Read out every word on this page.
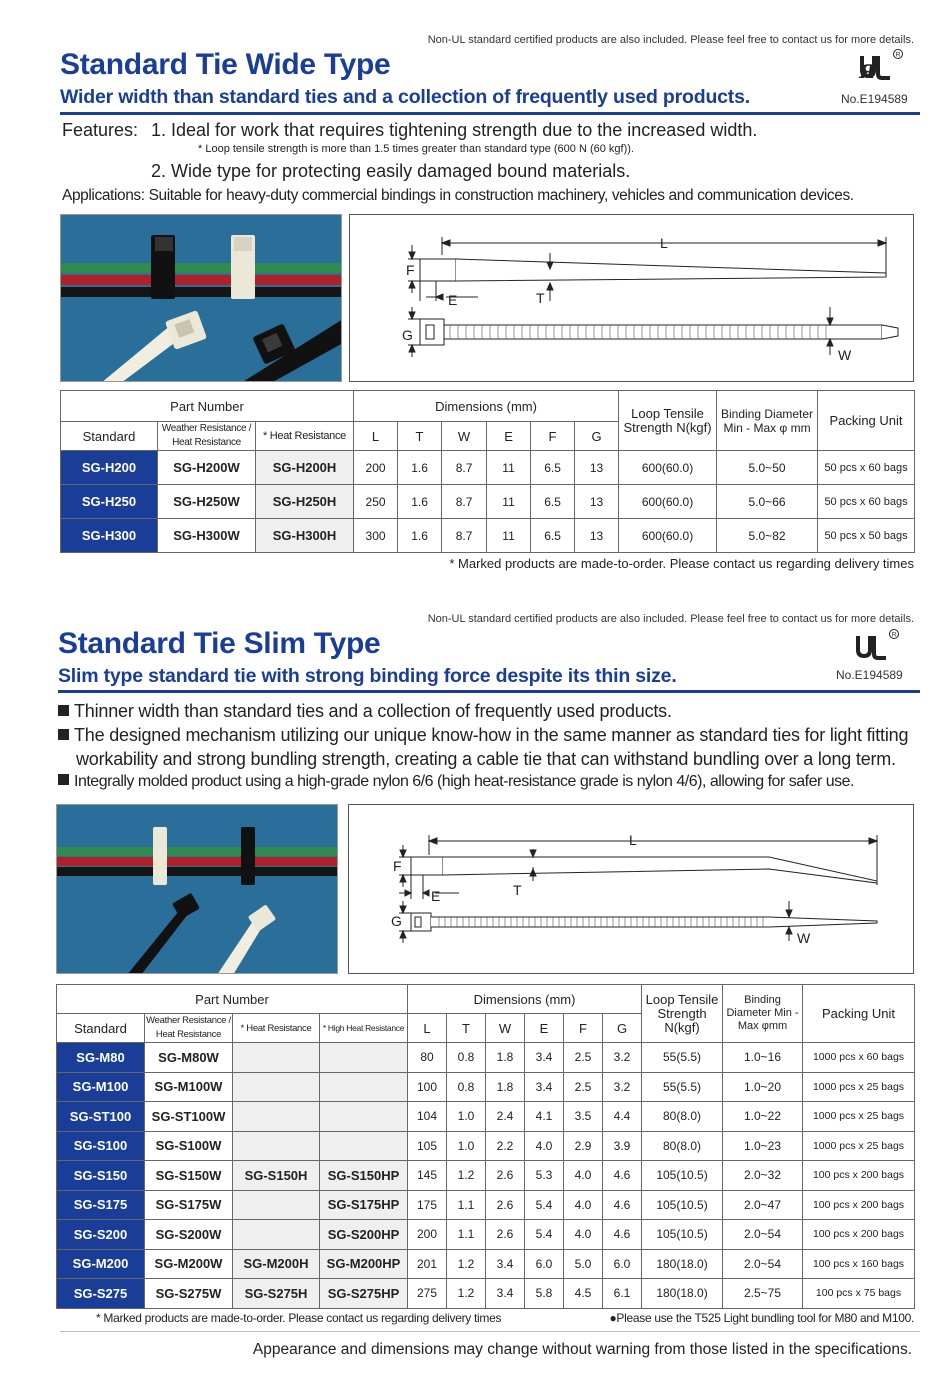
Non-UL standard certified products are also included. Please feel free to contact us for more details.
Standard Tie Wide Type
Wider width than standard ties and a collection of frequently used products.
ᴙ	R
No.E194589
Features: 1. Ideal for work that requires tightening strength due to the increased width.
* Loop tensile strength is more than 1.5 times greater than standard type (600 N (60 kgf)).
2. Wide type for protecting easily damaged bound materials.
Applications: Suitable for heavy-duty commercial bindings in construction machinery, vehicles and communication devices.
L
F
E	T
G
W
Part Number			Dimensions (mm)						Loop Tensile Strength N(kgf)	Binding Diameter Min - Max φ mm	Packing Unit
Standard	Weather Resistance / Heat Resistance	* Heat Resistance	L	T	W	E	F	G			
SG-H200	SG-H200W	SG-H200H	200	1.6	8.7	11	6.5	13	600(60.0)	5.0~50	50 pcs x 60 bags
SG-H250	SG-H250W	SG-H250H	250	1.6	8.7	11	6.5	13	600(60.0)	5.0~66	50 pcs x 60 bags
SG-H300	SG-H300W	SG-H300H	300	1.6	8.7	11	6.5	13	600(60.0)	5.0~82	50 pcs x 50 bags
* Marked products are made-to-order. Please contact us regarding delivery times
Non-UL standard certified products are also included. Please feel free to contact us for more details.
Standard Tie Slim Type
Slim type standard tie with strong binding force despite its thin size.
R
No.E194589
Thinner width than standard ties and a collection of frequently used products.
The designed mechanism utilizing our unique know-how in the same manner as standard ties for light fitting
workability and strong bundling strength, creating a cable tie that can withstand bundling over a long term.
Integrally molded product using a high-grade nylon 6/6 (high heat-resistance grade is nylon 4/6), allowing for safer use.
L
F
E	T
G
W
Part Number				Dimensions (mm)						Loop Tensile Strength N(kgf)	Binding Diameter Min - Max φmm	Packing Unit
Standard	Weather Resistance / Heat Resistance	* Heat Resistance	* High Heat Resistance	L	T	W	E	F	G			
SG-M80	SG-M80W			80	0.8	1.8	3.4	2.5	3.2	55(5.5)	1.0~16	1000 pcs x 60 bags
SG-M100	SG-M100W			100	0.8	1.8	3.4	2.5	3.2	55(5.5)	1.0~20	1000 pcs x 25 bags
SG-ST100	SG-ST100W			104	1.0	2.4	4.1	3.5	4.4	80(8.0)	1.0~22	1000 pcs x 25 bags
SG-S100	SG-S100W			105	1.0	2.2	4.0	2.9	3.9	80(8.0)	1.0~23	1000 pcs x 25 bags
SG-S150	SG-S150W	SG-S150H	SG-S150HP	145	1.2	2.6	5.3	4.0	4.6	105(10.5)	2.0~32	100 pcs x 200 bags
SG-S175	SG-S175W		SG-S175HP	175	1.1	2.6	5.4	4.0	4.6	105(10.5)	2.0~47	100 pcs x 200 bags
SG-S200	SG-S200W		SG-S200HP	200	1.1	2.6	5.4	4.0	4.6	105(10.5)	2.0~54	100 pcs x 200 bags
SG-M200	SG-M200W	SG-M200H	SG-M200HP	201	1.2	3.4	6.0	5.0	6.0	180(18.0)	2.0~54	100 pcs x 160 bags
SG-S275	SG-S275W	SG-S275H	SG-S275HP	275	1.2	3.4	5.8	4.5	6.1	180(18.0)	2.5~75	100 pcs x 75 bags
* Marked products are made-to-order. Please contact us regarding delivery times	●Please use the T525 Light bundling tool for M80 and M100.
Appearance and dimensions may change without warning from those listed in the specifications.
